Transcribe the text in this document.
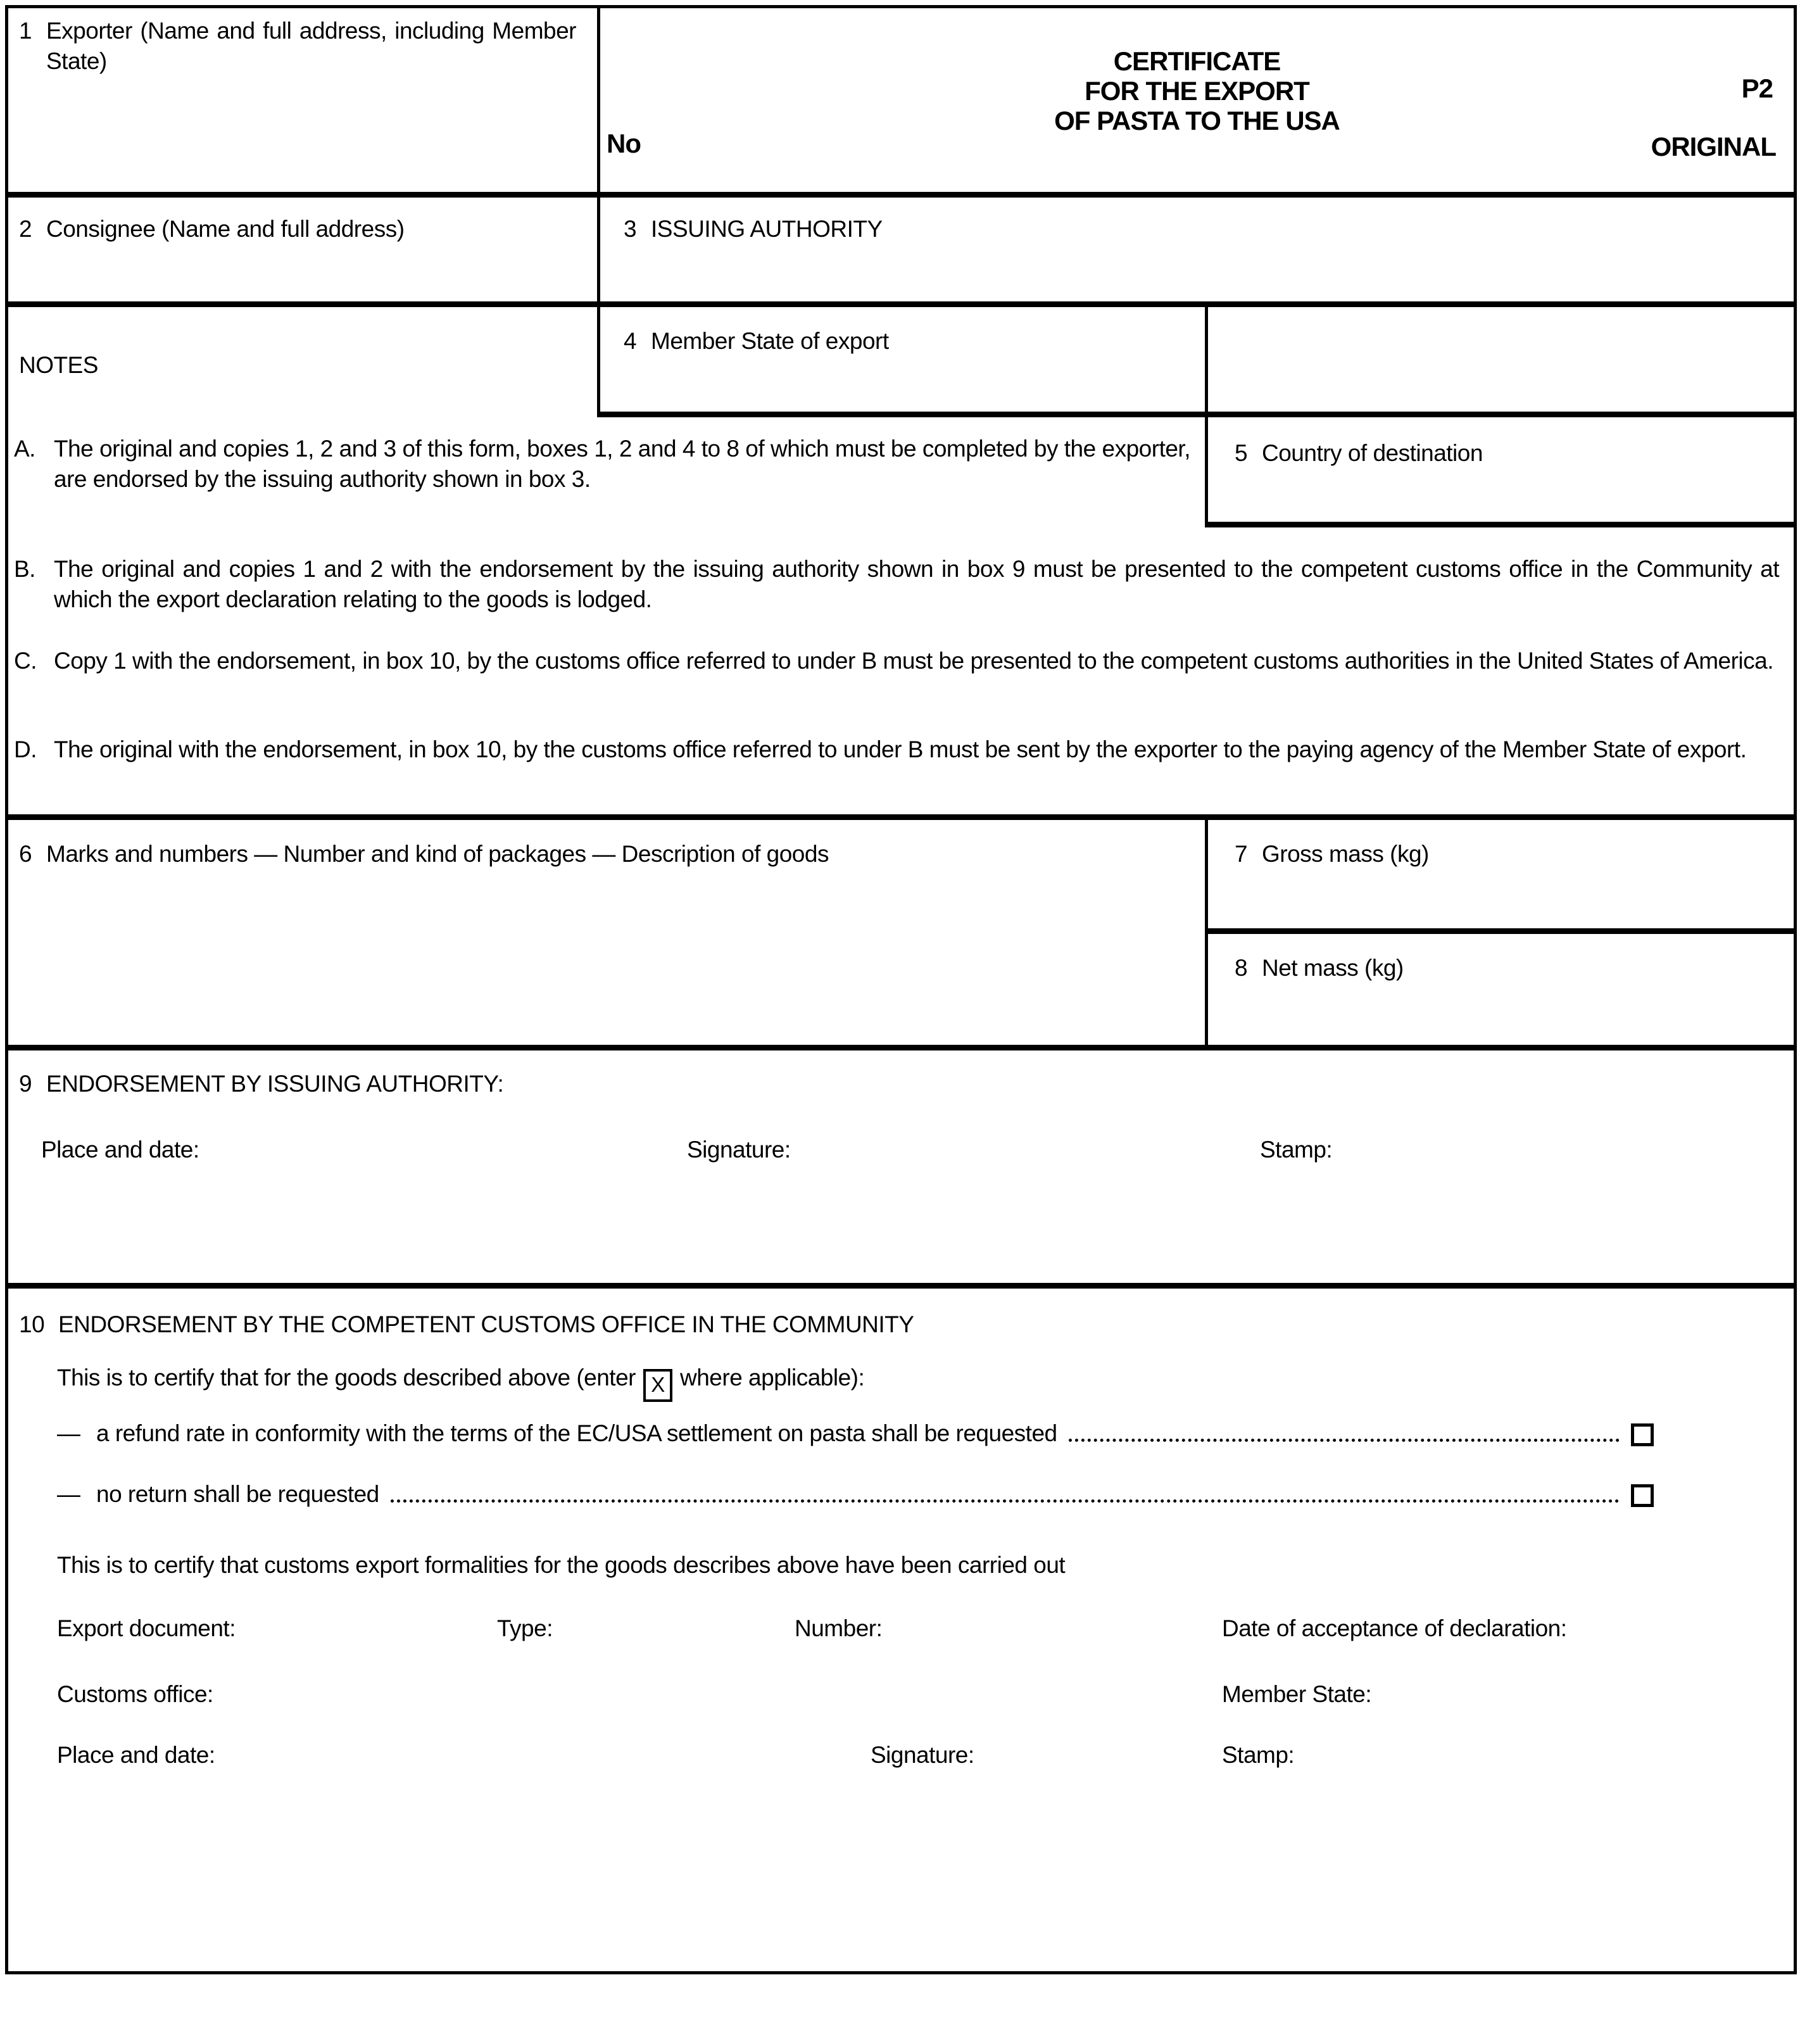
1 Exporter (Name and full address, including Member State)	CERTIFICATE
FOR THE EXPORT
OF PASTA TO THE USA
P2
No	ORIGINAL
2 Consignee (Name and full address)	3 ISSUING AUTHORITY
NOTES
4 Member State of export
5 Country of destination
A. The original and copies 1, 2 and 3 of this form, boxes 1, 2 and 4 to 8 of which must be completed by the exporter, are endorsed by the issuing authority shown in box 3.
B. The original and copies 1 and 2 with the endorsement by the issuing authority shown in box 9 must be presented to the competent customs office in the Community at which the export declaration relating to the goods is lodged.
C. Copy 1 with the endorsement, in box 10, by the customs office referred to under B must be presented to the competent customs authorities in the United States of America.
D. The original with the endorsement, in box 10, by the customs office referred to under B must be sent by the exporter to the paying agency of the Member State of export.
6 Marks and numbers — Number and kind of packages — Description of goods	7 Gross mass (kg)
8 Net mass (kg)
9 ENDORSEMENT BY ISSUING AUTHORITY:
Place and date:	Signature:	Stamp:
10 ENDORSEMENT BY THE COMPETENT CUSTOMS OFFICE IN THE COMMUNITY
This is to certify that for the goods described above (enter X where applicable):
— a refund rate in conformity with the terms of the EC/USA settlement on pasta shall be requested
— no return shall be requested
This is to certify that customs export formalities for the goods describes above have been carried out
Export document:	Type:	Number:	Date of acceptance of declaration:
Customs office:	Member State:
Place and date:	Signature:	Stamp:
